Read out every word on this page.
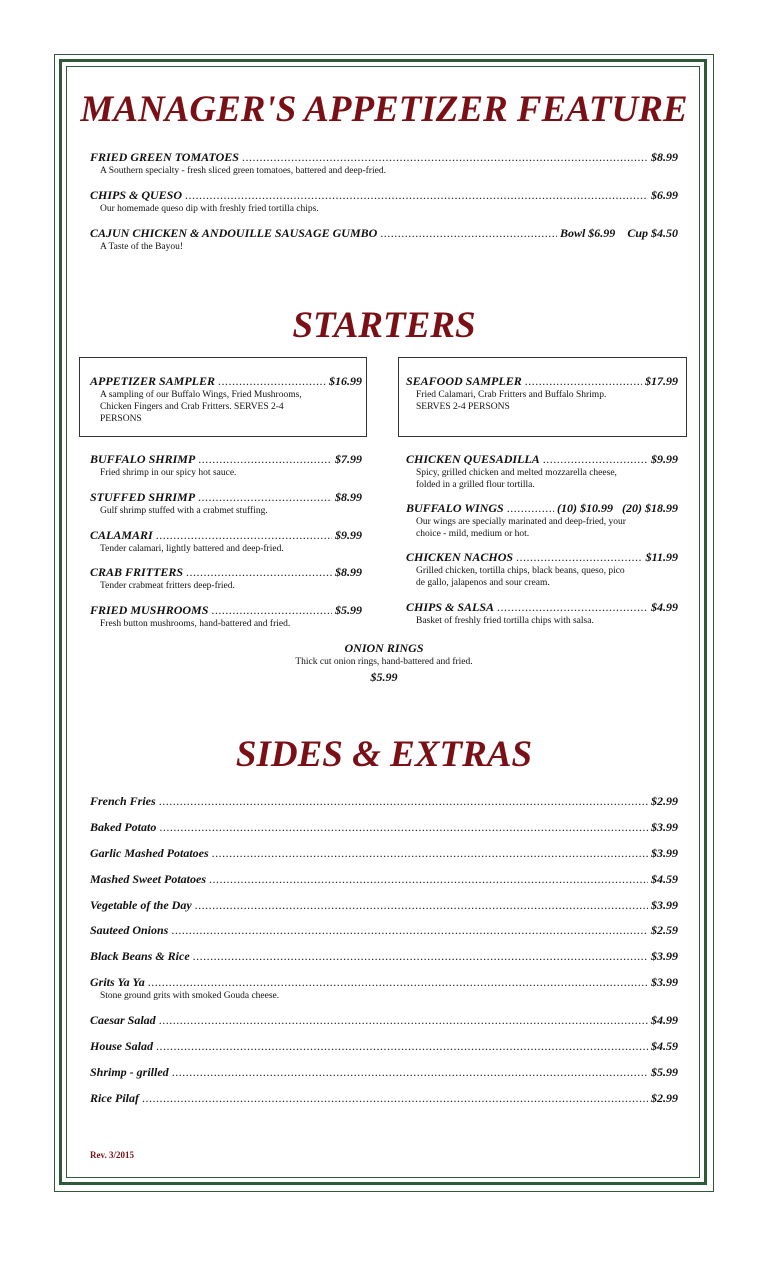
MANAGER'S APPETIZER FEATURE
FRIED GREEN TOMATOES .....	$8.99
A Southern specialty - fresh sliced green tomatoes, battered and deep-fried.
CHIPS & QUESO .....	$6.99
Our homemade queso dip with freshly fried tortilla chips.
CAJUN CHICKEN & ANDOUILLE SAUSAGE GUMBO .....	Bowl $6.99 Cup $4.50
A Taste of the Bayou!
STARTERS
APPETIZER SAMPLER .....	$16.99
A sampling of our Buffalo Wings, Fried Mushrooms, Chicken Fingers and Crab Fritters. SERVES 2-4 PERSONS
SEAFOOD SAMPLER .....	$17.99
Fried Calamari, Crab Fritters and Buffalo Shrimp. SERVES 2-4 PERSONS
BUFFALO SHRIMP .....	$7.99
Fried shrimp in our spicy hot sauce.
STUFFED SHRIMP .....	$8.99
Gulf shrimp stuffed with a crabmet stuffing.
CALAMARI .....	$9.99
Tender calamari, lightly battered and deep-fried.
CRAB FRITTERS .....	$8.99
Tender crabmeat fritters deep-fried.
FRIED MUSHROOMS .....	$5.99
Fresh button mushrooms, hand-battered and fried.
CHICKEN QUESADILLA .....	$9.99
Spicy, grilled chicken and melted mozzarella cheese, folded in a grilled flour tortilla.
BUFFALO WINGS .....	(10) $10.99   (20) $18.99
Our wings are specially marinated and deep-fried, your choice - mild, medium or hot.
CHICKEN NACHOS .....	$11.99
Grilled chicken, tortilla chips, black beans, queso, pico de gallo, jalapenos and sour cream.
CHIPS & SALSA .....	$4.99
Basket of freshly fried tortilla chips with salsa.
ONION RINGS
Thick cut onion rings, hand-battered and fried.
$5.99
SIDES & EXTRAS
French Fries .....	$2.99
Baked Potato .....	$3.99
Garlic Mashed Potatoes .....	$3.99
Mashed Sweet Potatoes .....	$4.59
Vegetable of the Day .....	$3.99
Sauteed Onions .....	$2.59
Black Beans & Rice .....	$3.99
Grits Ya Ya .....	$3.99
Stone ground grits with smoked Gouda cheese.
Caesar Salad .....	$4.99
House Salad .....	$4.59
Shrimp - grilled .....	$5.99
Rice Pilaf .....	$2.99
Rev. 3/2015
